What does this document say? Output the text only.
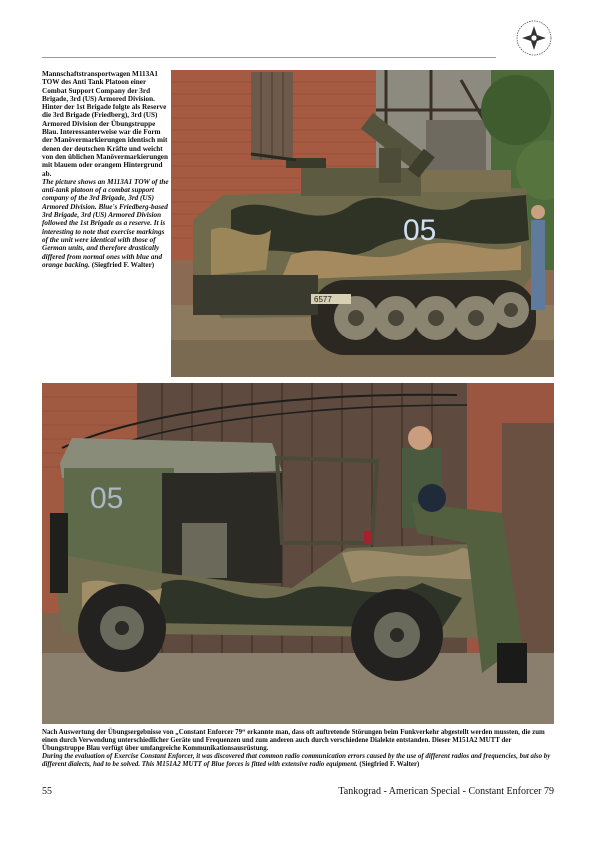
Mannschaftstransportwagen M113A1 TOW des Anti Tank Platoon einer Combat Support Company der 3rd Brigade, 3rd (US) Armored Division. Hinter der 1st Brigade folgte als Reserve die 3rd Brigade (Friedberg), 3rd (US) Armored Division der Übungstruppe Blau. Interessanterweise war die Form der Manövermarkierungen identisch mit denen der deutschen Kräfte und weicht von den üblichen Manövermarkierungen mit blauem oder orangem Hintergrund ab.
The picture shows an M113A1 TOW of the anti-tank platoon of a combat support company of the 3rd Brigade, 3rd (US) Armored Division. Blue's Friedberg-based 3rd Brigade, 3rd (US) Armored Division followed the 1st Brigade as a reserve. It is interesting to note that exercise markings of the unit were identical with those of German units, and therefore drastically differed from normal ones with blue and orange backing. (Siegfried F. Walter)
05
6577
05
Nach Auswertung der Übungsergebnisse von „Constant Enforcer 79“ erkannte man, dass oft auftretende Störungen beim Funkverkehr abgestellt werden mussten, die zum einen durch Verwendung unterschiedlicher Geräte und Frequenzen und zum anderen auch durch verschiedene Dialekte entstanden. Dieser M151A2 MUTT der Übungstruppe Blau verfügt über umfangreiche Kommunikationsausrüstung.
During the evaluation of Exercise Constant Enforcer, it was discovered that common radio communication errors caused by the use of different radios and frequencies, but also by different dialects, had to be solved. This M151A2 MUTT of Blue forces is fitted with extensive radio equipment. (Siegfried F. Walter)
55	Tankograd - American Special - Constant Enforcer 79
